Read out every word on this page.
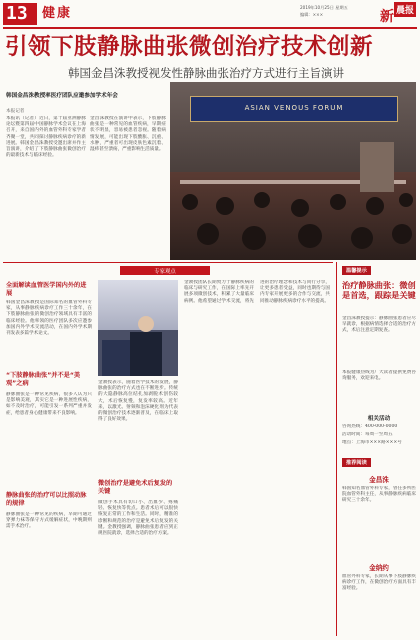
13 健康	2019年10月25日 星期五
编辑：×××	新 晨报
引领下肢静脉曲张微创治疗技术创新
韩国金昌洙教授视发性静脉曲张治疗方式进行主旨演讲
韩国金昌洙教授率医疗团队应邀参加学术年会
ASIAN VENOUS FORUM
本报记者
本报讯（记者）近日，第十届亚洲静脉论坛暨第四届中国静脉学术会议在上海召开，来自国内外的血管外科专家学者齐聚一堂，共同探讨静脉疾病诊疗的新进展。韩国金昌洙教授受邀出席并作主旨演讲，介绍了下肢静脉曲张微创治疗的最新技术与临床经验。
金昌洙教授在演讲中表示，下肢静脉曲张是一种常见的血管疾病，早期症状不明显，容易被患者忽视。随着病情发展，可能出现下肢酸胀、沉重、水肿，严重者可出现皮肤色素沉着、湿疹甚至溃疡，严重影响生活质量。
专家观点
全面解读血管医学国内外的进展
韩国金昌洙教授是国际知名的血管外科专家，从事静脉疾病诊疗工作三十余年，在下肢静脉曲张的微创治疗领域具有丰富的临床经验。他率领的医疗团队多次应邀参加国内外学术交流活动，在国内外学术期刊发表多篇学术论文。
“下肢静脉曲张”并不是“美观”之病
静脉曲张是一种常见疾病，很多人认为只是影响美观，其实它是一种进展性疾病，如不及时治疗，可能引发一系列严重并发症，给患者身心健康带来不良影响。
静脉曲张的治疗可以比照动脉的规律
静脉曲张是一种常见的疾病，早期可通过穿弹力袜等保守方式缓解症状，中晚期则需手术治疗。
金教授表示，随着医学技术的发展，静脉曲张的治疗方式也在不断进步。传统的大隐静脉高位结扎加剥脱术创伤较大，术后恢复慢，复发率较高。近年来，以激光、射频和泡沫硬化剂为代表的微创治疗技术逐渐普及，在临床上取得了良好效果。
微创治疗是避免术后复发的关键
微创手术具有切口小、出血少、疼痛轻、恢复快等优点。患者术后可以很快恢复正常的工作和生活。同时，精准的诊断和规范的治疗是避免术后复发的关键。金教授强调，静脉曲张患者应到正规医院就诊，选择合适的治疗方案。
金教授团队长期致力于静脉疾病的临床与研究工作，在国际上率先开展多项微创技术，积累了大量临床病例。他希望通过学术交流，将先进的治疗理念和技术与同行分享，让更多患者受益，同时也期待与国内专家开展更多的合作与交流，共同推动静脉疾病诊疗水平的提高。
温馨提示
治疗静脉曲张：微创是首选，跟踪是关键
金昌洙教授提示：静脉曲张患者应尽早就诊，根据病情选择合适的治疗方式，术后注意定期复查。
本报健康热线为广大读者提供免费咨询服务，欢迎来电。
相关活动
咨询热线：400-000-0000
活动时间：每周一至周五
地点：上海市×××路×××号
推荐阅读
金昌洙
韩国知名血管外科专家，曾任多所医院血管外科主任，从事静脉疾病临床研究三十余年。
金纳约
血管外科专家，长期从事下肢静脉疾病诊疗工作，在微创治疗方面具有丰富经验。
